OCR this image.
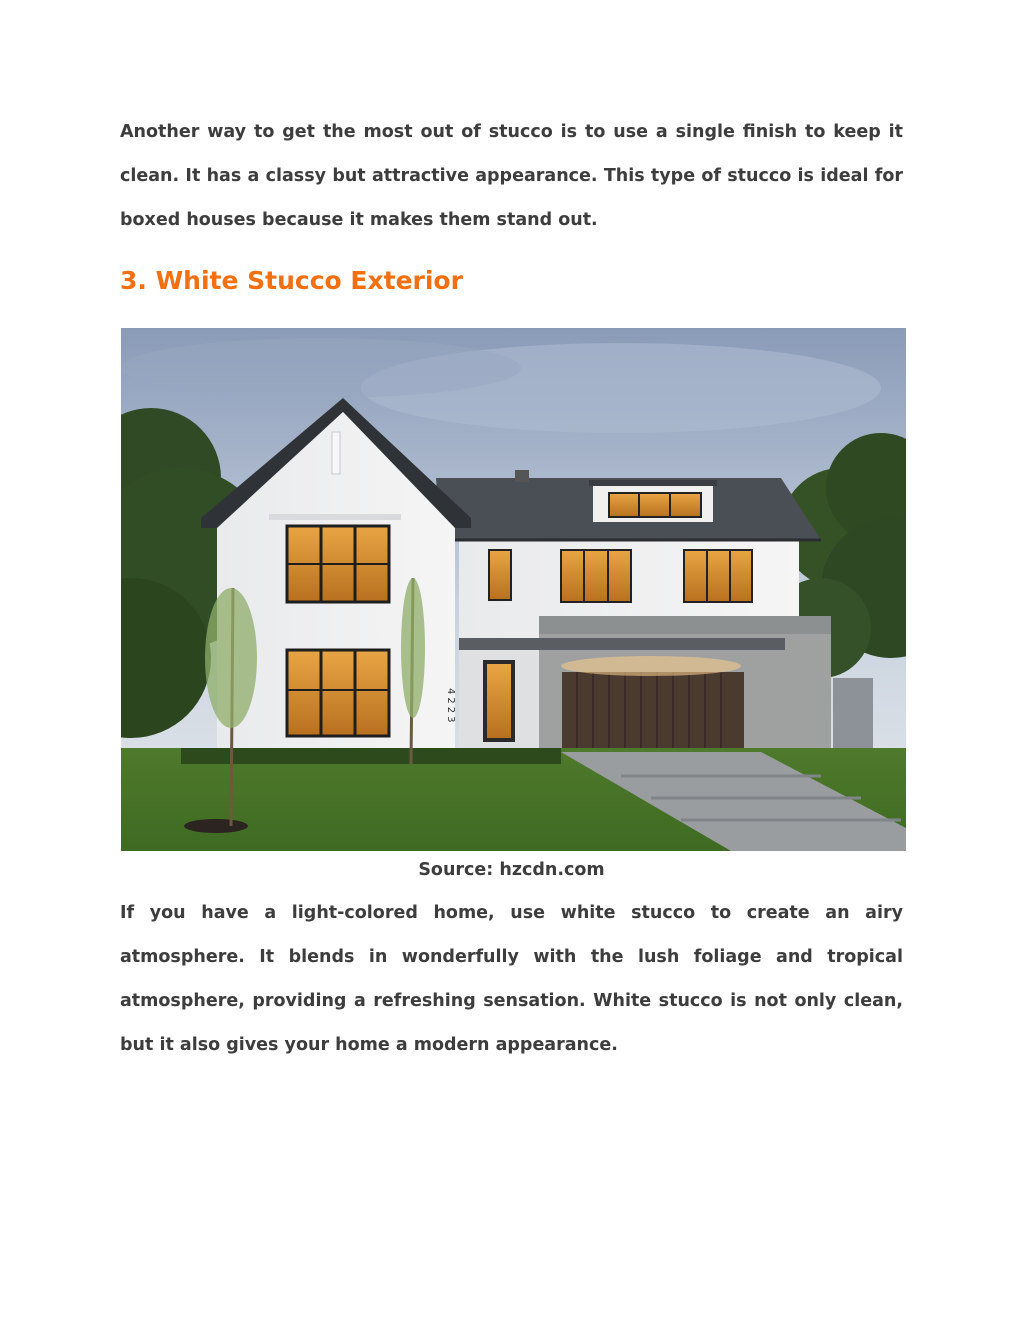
Another way to get the most out of stucco is to use a single finish to keep it clean. It has a classy but attractive appearance. This type of stucco is ideal for boxed houses because it makes them stand out.

3. White Stucco Exterior
4223
Source: hzcdn.com

If you have a light-colored home, use white stucco to create an airy atmosphere. It blends in wonderfully with the lush foliage and tropical atmosphere, providing a refreshing sensation. White stucco is not only clean, but it also gives your home a modern appearance.
